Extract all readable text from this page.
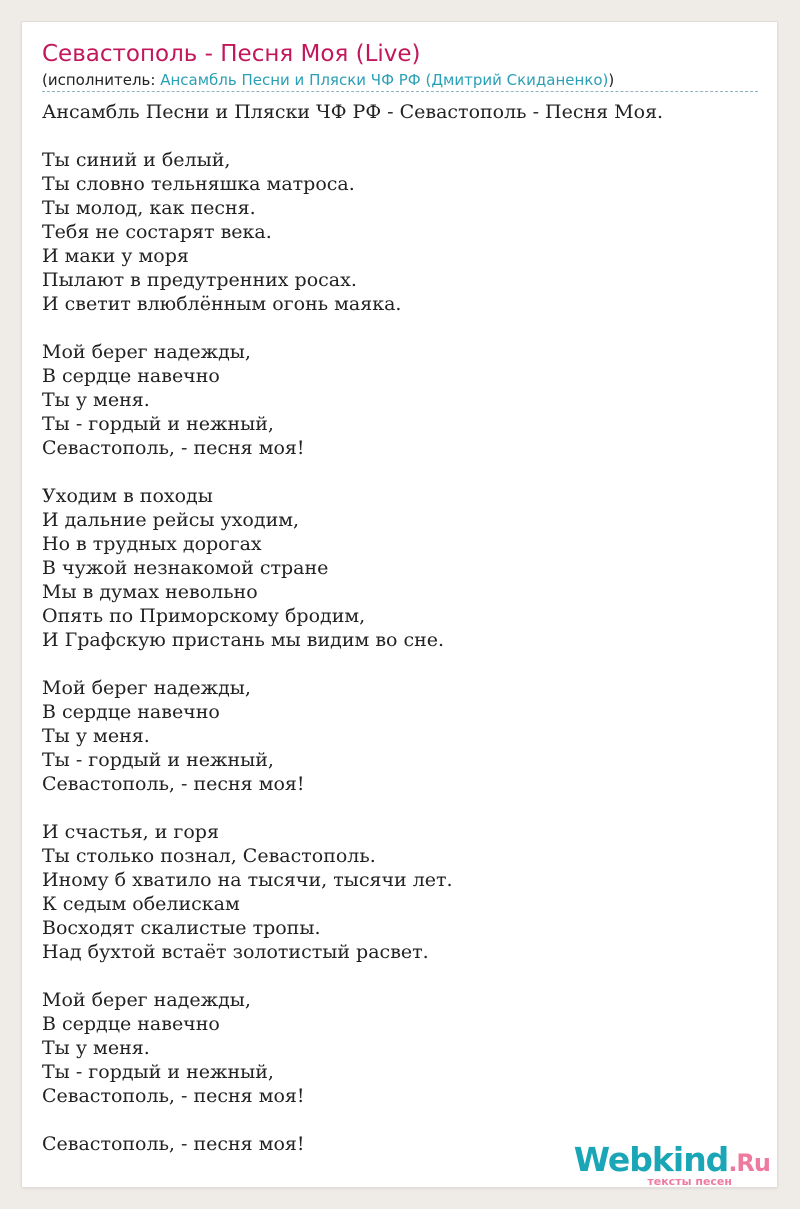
Севастополь - Песня Моя (Live)
(исполнитель: Ансамбль Песни и Пляски ЧФ РФ (Дмитрий Скиданенко))
Ансамбль Песни и Пляски ЧФ РФ - Севастополь - Песня Моя.
Ты синий и белый,
Ты словно тельняшка матроса.
Ты молод, как песня.
Тебя не состарят века.
И маки у моря
Пылают в предутренних росах.
И светит влюблённым огонь маяка.
Мой берег надежды,
В сердце навечно
Ты у меня.
Ты - гордый и нежный,
Севастополь, - песня моя!
Уходим в походы
И дальние рейсы уходим,
Но в трудных дорогах
В чужой незнакомой стране
Мы в думах невольно
Опять по Приморскому бродим,
И Графскую пристань мы видим во сне.
Мой берег надежды,
В сердце навечно
Ты у меня.
Ты - гордый и нежный,
Севастополь, - песня моя!
И счастья, и горя
Ты столько познал, Севастополь.
Иному б хватило на тысячи, тысячи лет.
К седым обелискам
Восходят скалистые тропы.
Над бухтой встаёт золотистый расвет.
Мой берег надежды,
В сердце навечно
Ты у меня.
Ты - гордый и нежный,
Севастополь, - песня моя!
Севастополь, - песня моя!	Webkind.Ru
тексты песен
